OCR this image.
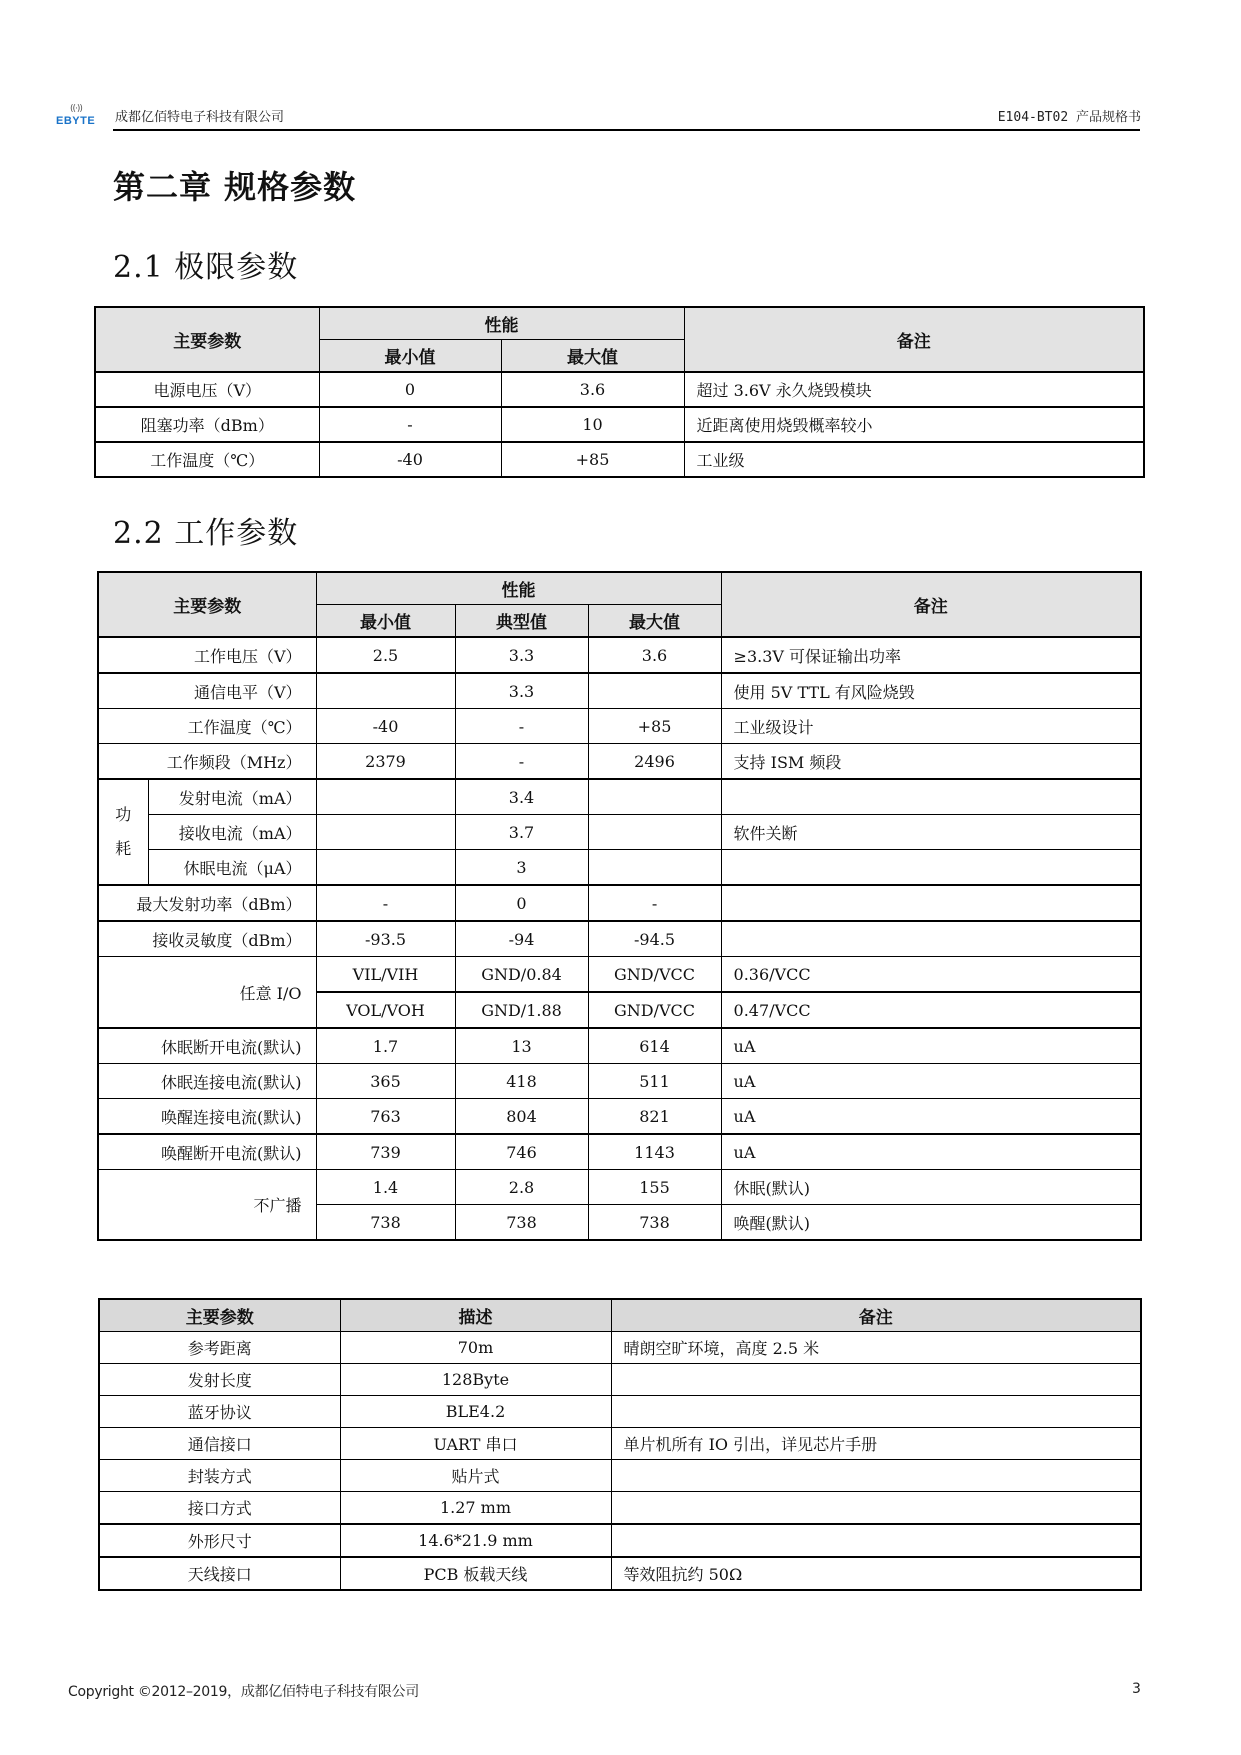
((·))
EBYTE 成都亿佰特电子科技有限公司	E104-BT02 产品规格书
第二章 规格参数
2.1 极限参数
主要参数	性能		备注
	最小值	最大值	
电源电压（V）	0	3.6	超过 3.6V 永久烧毁模块
阻塞功率（dBm）	-	10	近距离使用烧毁概率较小
工作温度（℃）	-40	+85	工业级
2.2 工作参数
主要参数		性能			备注
		最小值	典型值	最大值	
工作电压（V）		2.5	3.3	3.6	≥3.3V 可保证输出功率
通信电平（V）			3.3		使用 5V TTL 有风险烧毁
工作温度（℃）		-40	-	+85	工业级设计
工作频段（MHz）		2379	-	2496	支持 ISM 频段
功
耗	发射电流（mA）		3.4		
	接收电流（mA）		3.7		软件关断
	休眠电流（μA）		3		
最大发射功率（dBm）		-	0	-	
接收灵敏度（dBm）		-93.5	-94	-94.5	
任意 I/O		VIL/VIH	GND/0.84	GND/VCC	0.36/VCC
		VOL/VOH	GND/1.88	GND/VCC	0.47/VCC
休眠断开电流(默认)		1.7	13	614	uA
休眠连接电流(默认)		365	418	511	uA
唤醒连接电流(默认)		763	804	821	uA
唤醒断开电流(默认)		739	746	1143	uA
不广播		1.4	2.8	155	休眠(默认)
		738	738	738	唤醒(默认)
主要参数	描述	备注
参考距离	70m	晴朗空旷环境，高度 2.5 米
发射长度	128Byte	
蓝牙协议	BLE4.2	
通信接口	UART 串口	单片机所有 IO 引出，详见芯片手册
封装方式	贴片式	
接口方式	1.27 mm	
外形尺寸	14.6*21.9 mm	
天线接口	PCB 板载天线	等效阻抗约 50Ω
Copyright ©2012–2019，成都亿佰特电子科技有限公司	3
